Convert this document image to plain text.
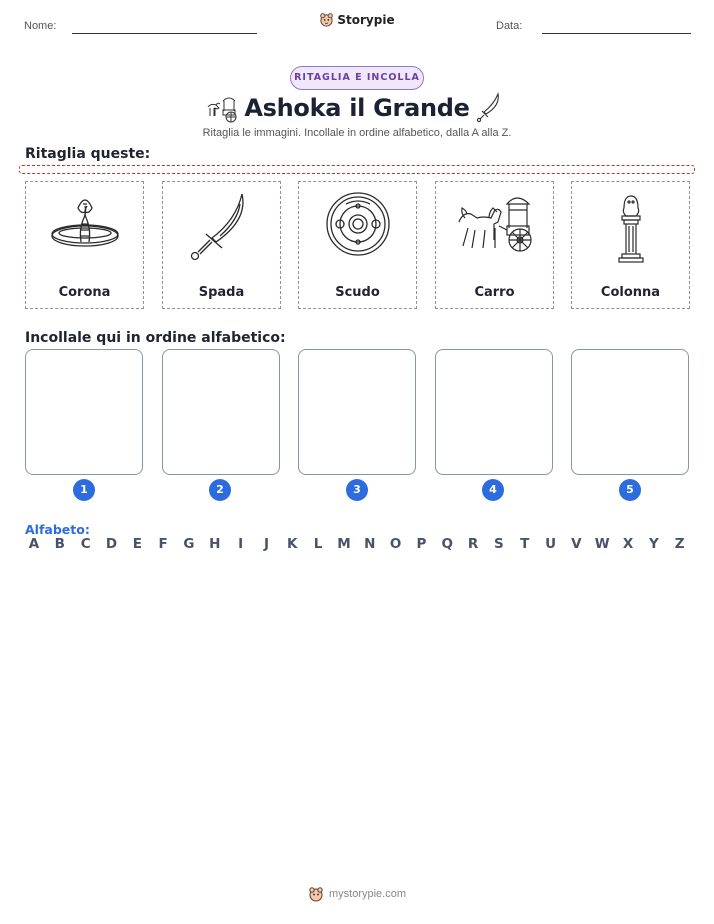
Nome:	Storypie	Data:
RITAGLIA E INCOLLA
Ashoka il Grande
Ritaglia le immagini. Incollale in ordine alfabetico, dalla A alla Z.
Ritaglia queste:
Corona	Spada	Scudo	Carro	Colonna
Incollale qui in ordine alfabetico:
1	2	3	4	5
Alfabeto:
A B C D	E	F	G H	I	J	K	L	M N O P Q R	S	T	U V W X	Y	Z
mystorypie.com
